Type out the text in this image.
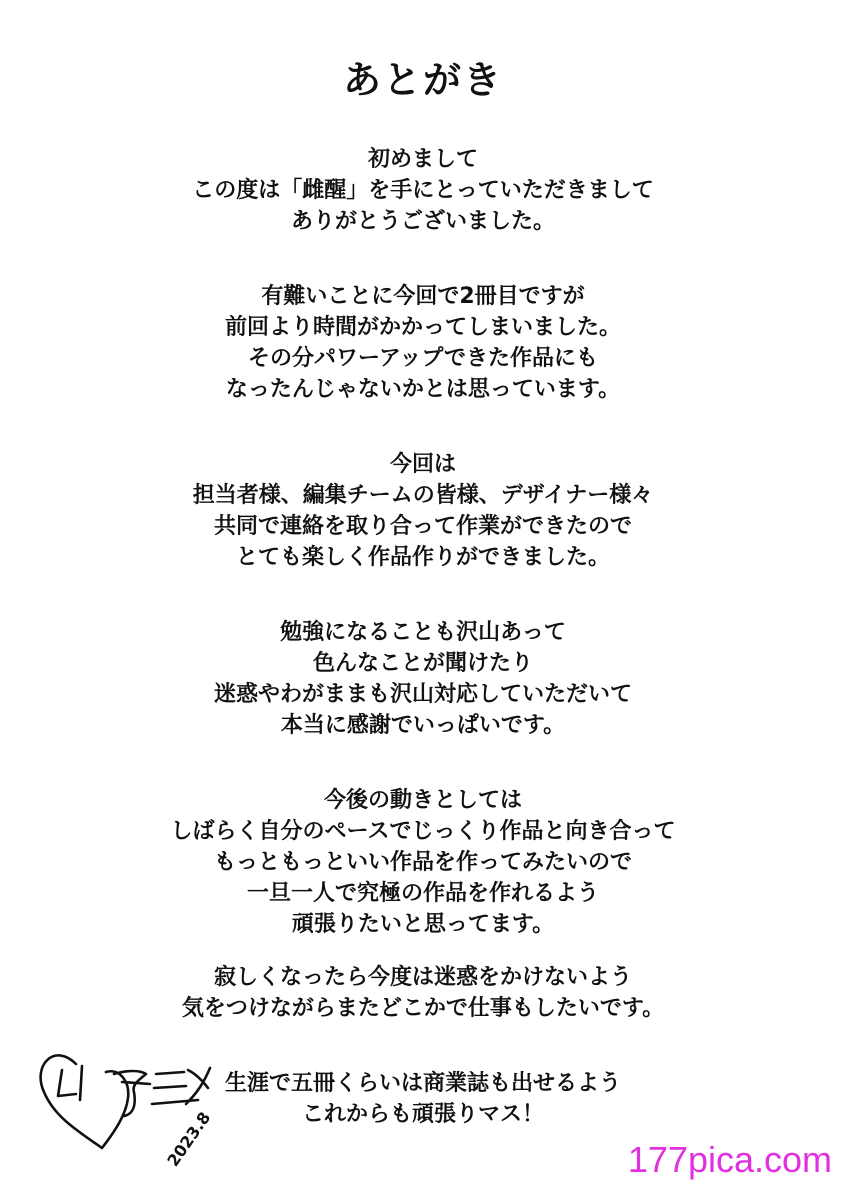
あとがき
初めまして
この度は「雌醒」を手にとっていただきまして
ありがとうございました。
有難いことに今回で2冊目ですが
前回より時間がかかってしまいました。
その分パワーアップできた作品にも
なったんじゃないかとは思っています。
今回は
担当者様、編集チームの皆様、デザイナー様々
共同で連絡を取り合って作業ができたので
とても楽しく作品作りができました。
勉強になることも沢山あって
色んなことが聞けたり
迷惑やわがままも沢山対応していただいて
本当に感謝でいっぱいです。
今後の動きとしては
しばらく自分のペースでじっくり作品と向き合って
もっともっといい作品を作ってみたいので
一旦一人で究極の作品を作れるよう
頑張りたいと思ってます。
寂しくなったら今度は迷惑をかけないよう
気をつけながらまたどこかで仕事もしたいです。
生涯で五冊くらいは商業誌も出せるよう
これからも頑張りマス！
2023.8	177pica.com
